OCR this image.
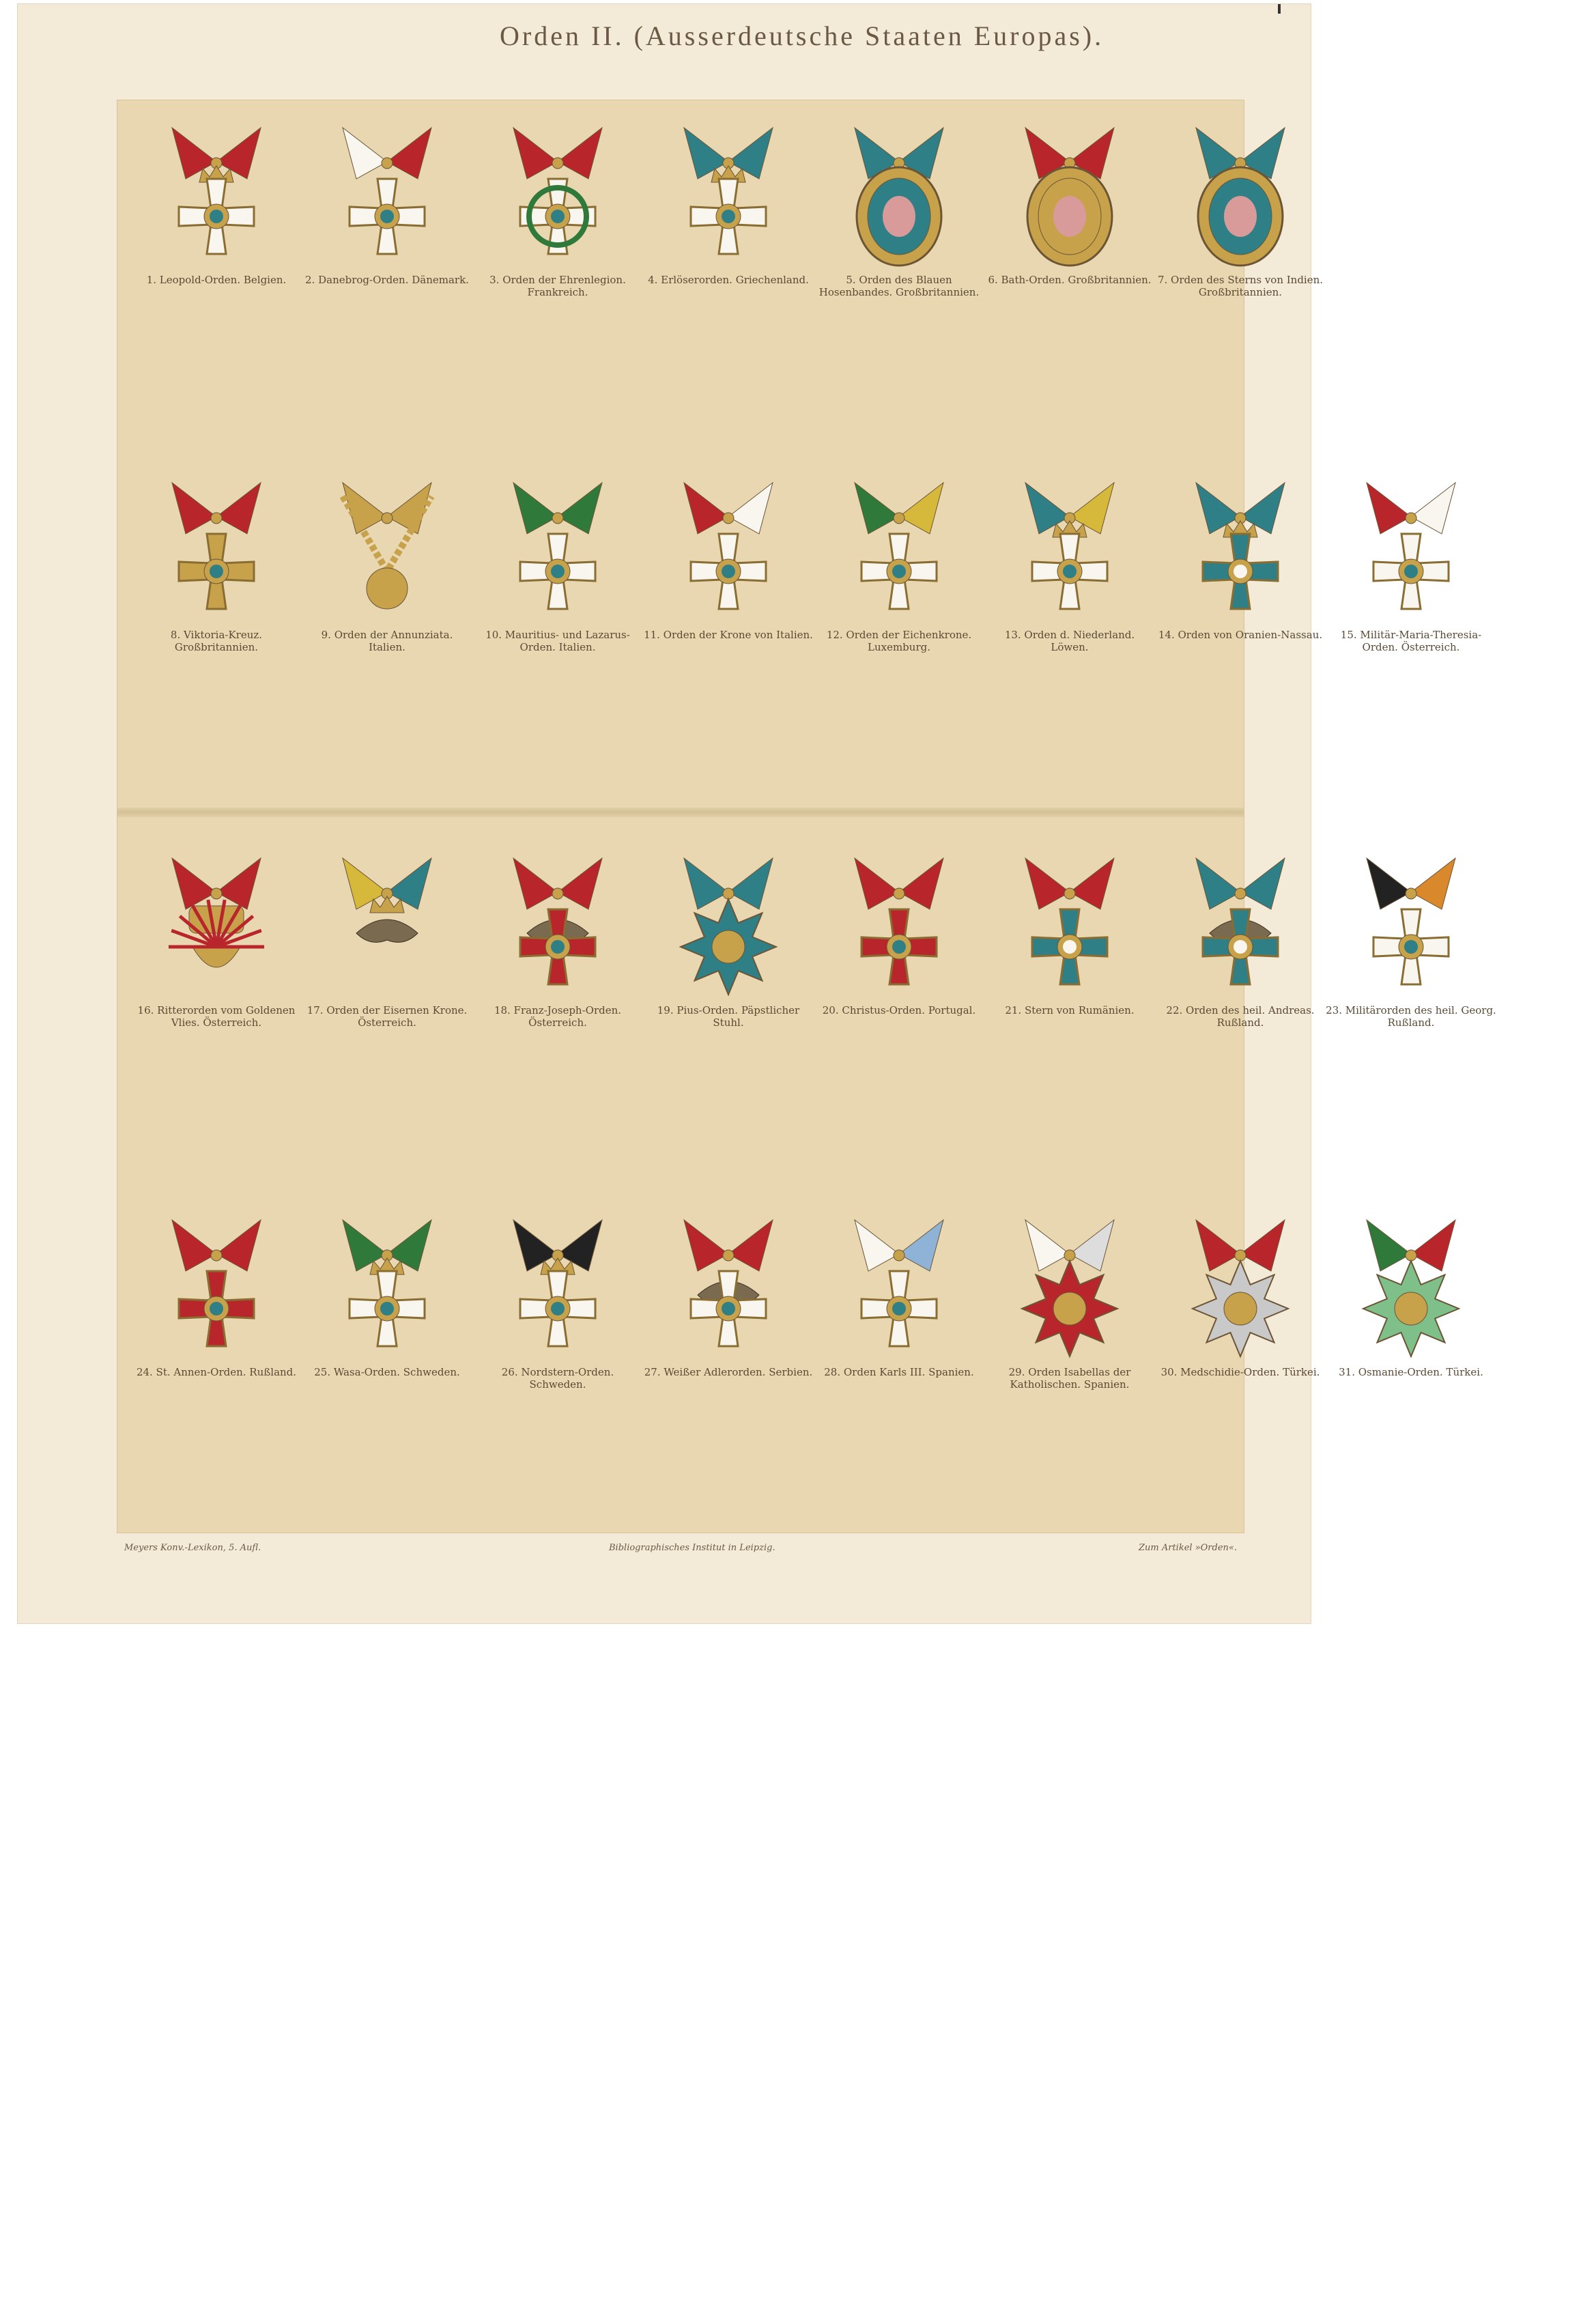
Orden II. (Ausserdeutsche Staaten Europas).
1. Leopold-Orden. Belgien.	2. Danebrog-Orden. Dänemark.	3. Orden der Ehrenlegion. Frankreich.
4. Erlöserorden. Griechenland.	5. Orden des Blauen Hosenbandes. Großbritannien.
6. Bath-Orden. Großbritannien. 7. Orden des Sterns von Indien. Großbritannien.
8. Viktoria-Kreuz. Großbritannien.
9. Orden der Annunziata. Italien.
10. Mauritius- und Lazarus-Orden. Italien.
11. Orden der Krone von Italien.	12. Orden der Eichenkrone. Luxemburg.
13. Orden d. Niederland. Löwen.
14. Orden von Oranien-Nassau.	15. Militär-Maria-Theresia-Orden. Österreich.
16. Ritterorden vom Goldenen Vlies. Österreich.
17. Orden der Eisernen Krone. Österreich.
18. Franz-Joseph-Orden. Österreich.
19. Pius-Orden. Päpstlicher Stuhl.
20. Christus-Orden. Portugal.	21. Stern von Rumänien.	22. Orden des heil. Andreas. Rußland.
23. Militärorden des heil. Georg. Rußland.
24. St. Annen-Orden. Rußland.	25. Wasa-Orden. Schweden.	26. Nordstern-Orden. Schweden.
27. Weißer Adlerorden. Serbien.	28. Orden Karls III. Spanien.	29. Orden Isabellas der Katholischen. Spanien.
30. Medschidie-Orden. Türkei.	31. Osmanie-Orden. Türkei.
Meyers Konv.-Lexikon, 5. Aufl.	Bibliographisches Institut in Leipzig.	Zum Artikel »Orden«.
